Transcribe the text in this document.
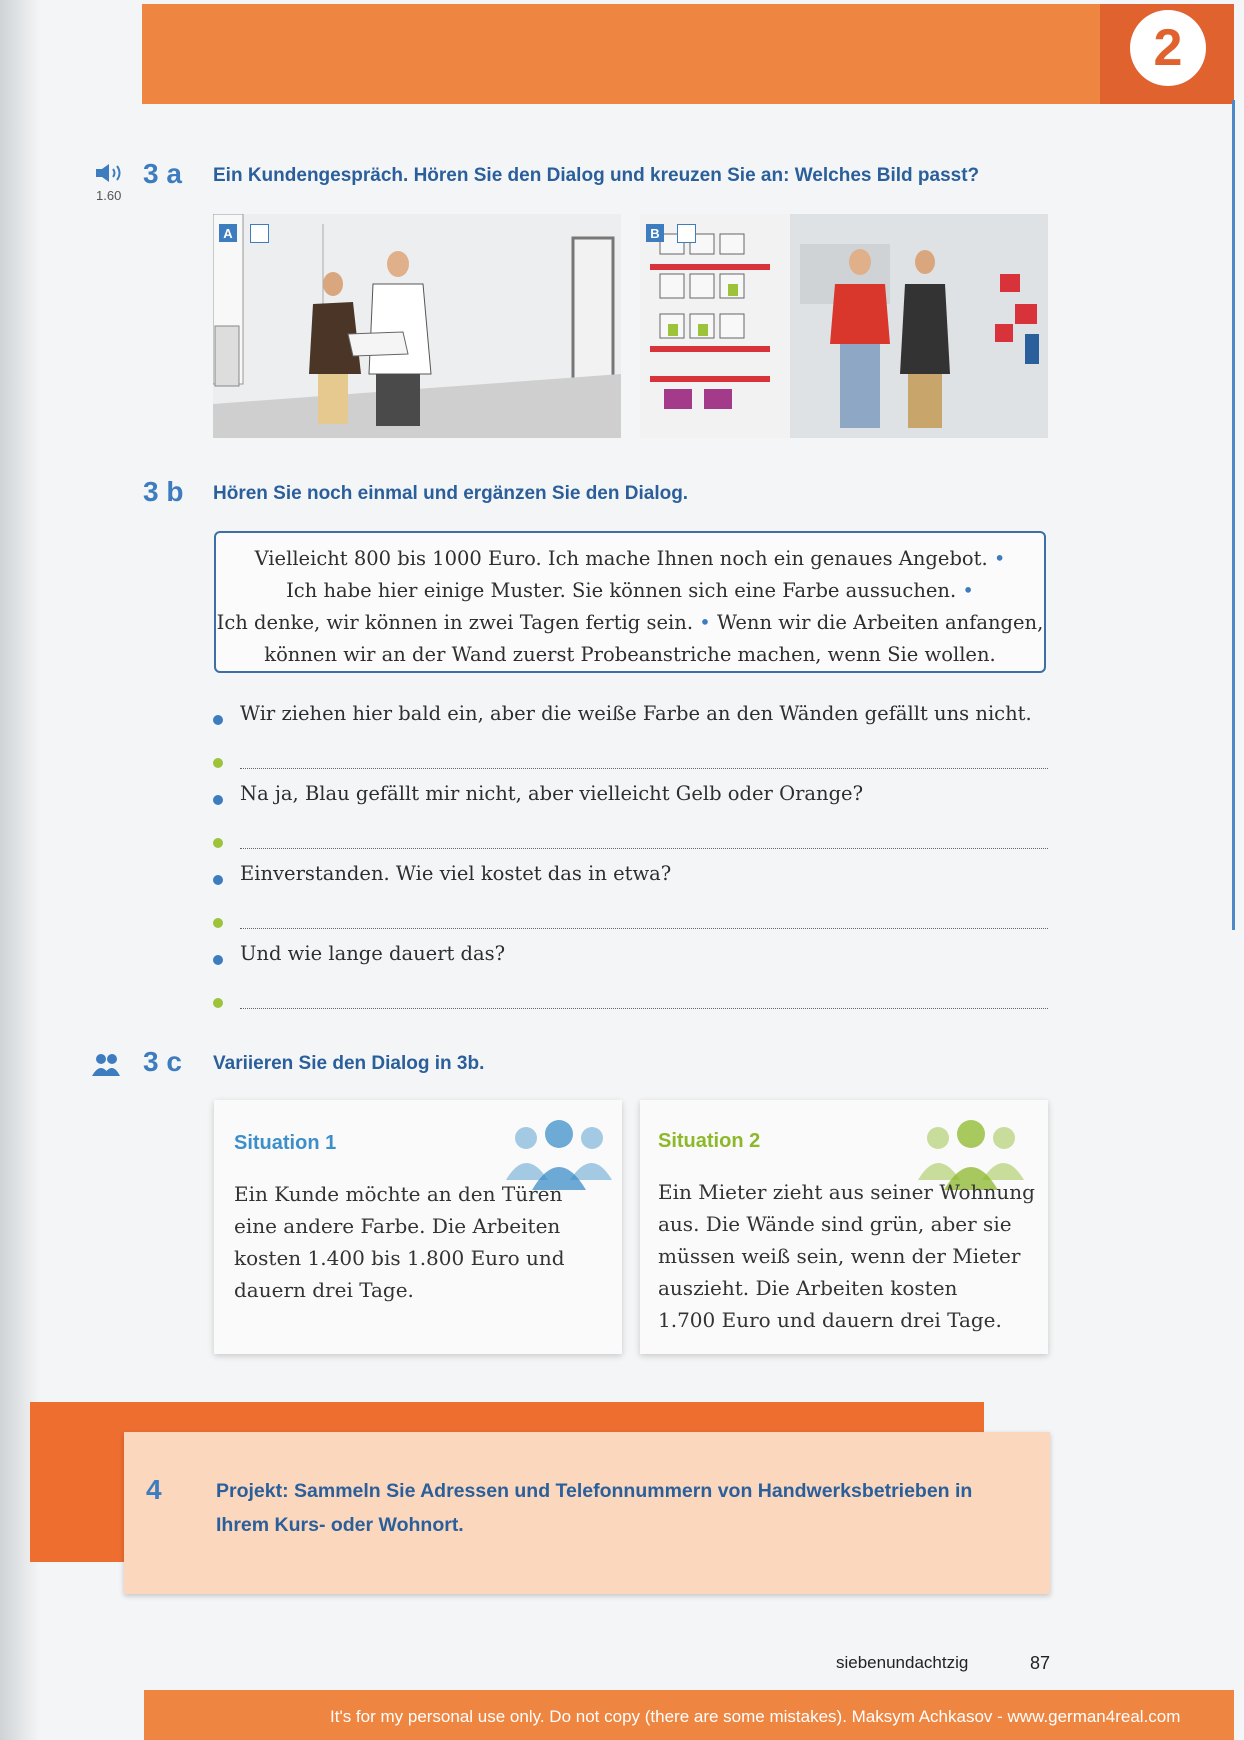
2
1.60
3 a Ein Kundengespräch. Hören Sie den Dialog und kreuzen Sie an: Welches Bild passt?
A	B
3 b Hören Sie noch einmal und ergänzen Sie den Dialog.
Vielleicht 800 bis 1000 Euro. Ich mache Ihnen noch ein genaues Angebot. •
Ich habe hier einige Muster. Sie können sich eine Farbe aussuchen. •
Ich denke, wir können in zwei Tagen fertig sein. • Wenn wir die Arbeiten anfangen,
können wir an der Wand zuerst Probeanstriche machen, wenn Sie wollen.
Wir ziehen hier bald ein, aber die weiße Farbe an den Wänden gefällt uns nicht.
Na ja, Blau gefällt mir nicht, aber vielleicht Gelb oder Orange?
Einverstanden. Wie viel kostet das in etwa?
Und wie lange dauert das?
3 c Variieren Sie den Dialog in 3b.
Situation 1
Ein Kunde möchte an den Türen
eine andere Farbe. Die Arbeiten
kosten 1.400 bis 1.800 Euro und
dauern drei Tage.
Situation 2
Ein Mieter zieht aus seiner Wohnung
aus. Die Wände sind grün, aber sie
müssen weiß sein, wenn der Mieter
auszieht. Die Arbeiten kosten
1.700 Euro und dauern drei Tage.
4	Projekt: Sammeln Sie Adressen und Telefonnummern von Handwerksbetrieben in
Ihrem Kurs- oder Wohnort.
siebenundachtzig	87
It's for my personal use only. Do not copy (there are some mistakes). Maksym Achkasov - www.german4real.com
